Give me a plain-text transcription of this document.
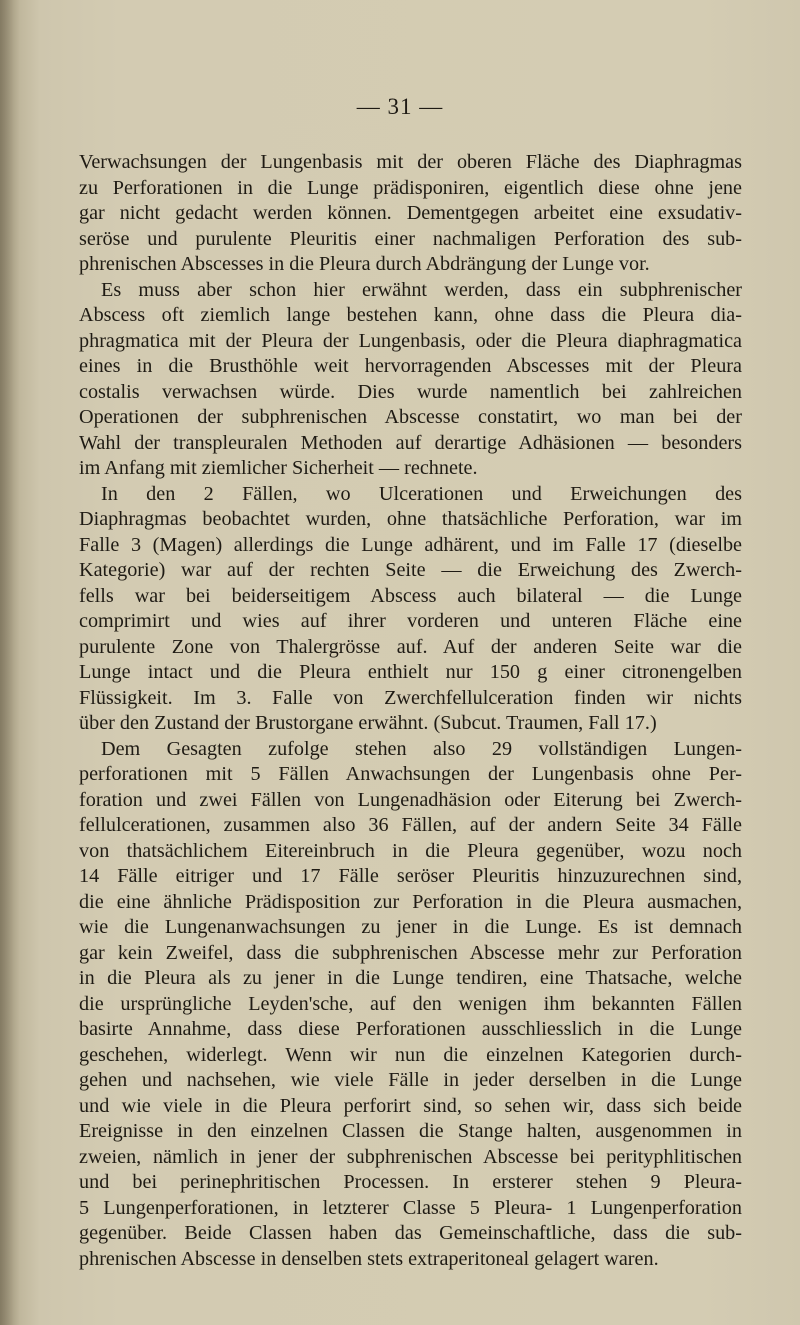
— 31 —
Verwachsungen der Lungenbasis mit der oberen Fläche des Diaphragmas
zu Perforationen in die Lunge prädisponiren, eigentlich diese ohne jene
gar nicht gedacht werden können. Dementgegen arbeitet eine exsudativ-
seröse und purulente Pleuritis einer nachmaligen Perforation des sub-
phrenischen Abscesses in die Pleura durch Abdrängung der Lunge vor.
Es muss aber schon hier erwähnt werden, dass ein subphrenischer
Abscess oft ziemlich lange bestehen kann, ohne dass die Pleura dia-
phragmatica mit der Pleura der Lungenbasis, oder die Pleura diaphragmatica
eines in die Brusthöhle weit hervorragenden Abscesses mit der Pleura
costalis verwachsen würde. Dies wurde namentlich bei zahlreichen
Operationen der subphrenischen Abscesse constatirt, wo man bei der
Wahl der transpleuralen Methoden auf derartige Adhäsionen — besonders
im Anfang mit ziemlicher Sicherheit — rechnete.
In den 2 Fällen, wo Ulcerationen und Erweichungen des
Diaphragmas beobachtet wurden, ohne thatsächliche Perforation, war im
Falle 3 (Magen) allerdings die Lunge adhärent, und im Falle 17 (dieselbe
Kategorie) war auf der rechten Seite — die Erweichung des Zwerch-
fells war bei beiderseitigem Abscess auch bilateral — die Lunge
comprimirt und wies auf ihrer vorderen und unteren Fläche eine
purulente Zone von Thalergrösse auf. Auf der anderen Seite war die
Lunge intact und die Pleura enthielt nur 150 g einer citronengelben
Flüssigkeit. Im 3. Falle von Zwerchfellulceration finden wir nichts
über den Zustand der Brustorgane erwähnt. (Subcut. Traumen, Fall 17.)
Dem Gesagten zufolge stehen also 29 vollständigen Lungen-
perforationen mit 5 Fällen Anwachsungen der Lungenbasis ohne Per-
foration und zwei Fällen von Lungenadhäsion oder Eiterung bei Zwerch-
fellulcerationen, zusammen also 36 Fällen, auf der andern Seite 34 Fälle
von thatsächlichem Eitereinbruch in die Pleura gegenüber, wozu noch
14 Fälle eitriger und 17 Fälle seröser Pleuritis hinzuzurechnen sind,
die eine ähnliche Prädisposition zur Perforation in die Pleura ausmachen,
wie die Lungenanwachsungen zu jener in die Lunge. Es ist demnach
gar kein Zweifel, dass die subphrenischen Abscesse mehr zur Perforation
in die Pleura als zu jener in die Lunge tendiren, eine Thatsache, welche
die ursprüngliche Leyden'sche, auf den wenigen ihm bekannten Fällen
basirte Annahme, dass diese Perforationen ausschliesslich in die Lunge
geschehen, widerlegt. Wenn wir nun die einzelnen Kategorien durch-
gehen und nachsehen, wie viele Fälle in jeder derselben in die Lunge
und wie viele in die Pleura perforirt sind, so sehen wir, dass sich beide
Ereignisse in den einzelnen Classen die Stange halten, ausgenommen in
zweien, nämlich in jener der subphrenischen Abscesse bei perityphlitischen
und bei perinephritischen Processen. In ersterer stehen 9 Pleura-
5 Lungenperforationen, in letzterer Classe 5 Pleura- 1 Lungenperforation
gegenüber. Beide Classen haben das Gemeinschaftliche, dass die sub-
phrenischen Abscesse in denselben stets extraperitoneal gelagert waren.
